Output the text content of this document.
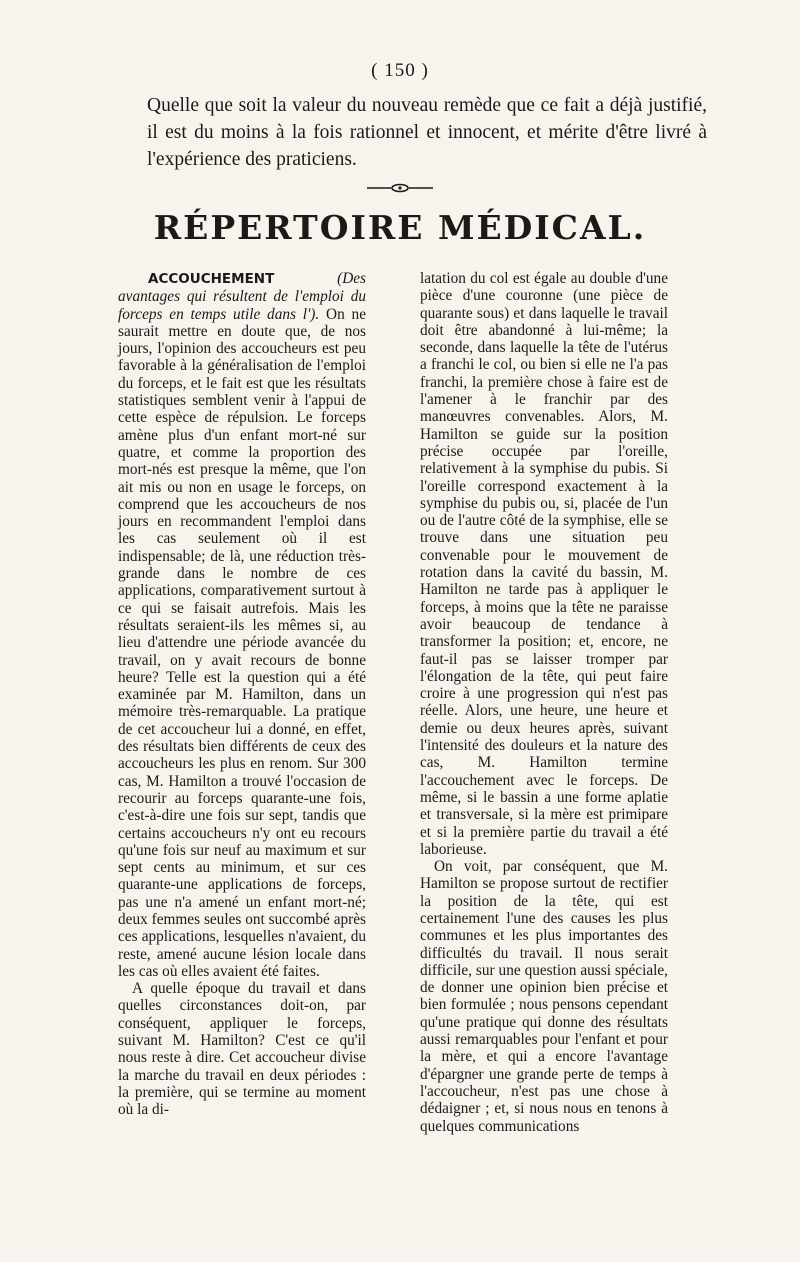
( 150 )

Quelle que soit la valeur du nouveau remède que ce fait a déjà justifié, il est du moins à la fois rationnel et innocent, et mérite d'être livré à l'expérience des praticiens.

RÉPERTOIRE MÉDICAL.

ACCOUCHEMENT	(Des avantages qui résultent de l'emploi du forceps en temps utile dans l'). On ne saurait mettre en doute que, de nos jours, l'opinion des accoucheurs est peu favorable à la généralisation de l'emploi du forceps, et le fait est que les résultats statistiques semblent venir à l'appui de cette espèce de répulsion. Le forceps amène plus d'un enfant mort-né sur quatre, et comme la proportion des mort-nés est presque la même, que l'on ait mis ou non en usage le forceps, on comprend que les accoucheurs de nos jours en recommandent l'emploi dans les cas seulement où il est indispensable; de là, une réduction très-grande dans le nombre de ces applications, comparativement surtout à ce qui se faisait autrefois. Mais les résultats seraient-ils les mêmes si, au lieu d'attendre une période avancée du travail, on y avait recours de bonne heure? Telle est la question qui a été examinée par M. Hamilton, dans un mémoire très-remarquable. La pratique de cet accoucheur lui a donné, en effet, des résultats bien différents de ceux des accoucheurs les plus en renom. Sur 300 cas, M. Hamilton a trouvé l'occasion de recourir au forceps quarante-une fois, c'est-à-dire une fois sur sept, tandis que certains accoucheurs n'y ont eu recours qu'une fois sur neuf au maximum et sur sept cents au minimum, et sur ces quarante-une applications de forceps, pas une n'a amené un enfant mort-né; deux femmes seules ont succombé après ces applications, lesquelles n'avaient, du reste, amené aucune lésion locale dans les cas où elles avaient été faites.

A quelle époque du travail et dans quelles circonstances doit-on, par conséquent, appliquer le forceps, suivant M. Hamilton? C'est ce qu'il nous reste à dire. Cet accoucheur divise la marche du travail en deux périodes : la première, qui se termine au moment où la di-

latation du col est égale au double d'une pièce d'une couronne (une pièce de quarante sous) et dans laquelle le travail doit être abandonné à lui-même; la seconde, dans laquelle la tête de l'utérus a franchi le col, ou bien si elle ne l'a pas franchi, la première chose à faire est de l'amener à le franchir par des manœuvres convenables. Alors, M. Hamilton se guide sur la position précise occupée par l'oreille, relativement à la symphise du pubis. Si l'oreille correspond exactement à la symphise du pubis ou, si, placée de l'un ou de l'autre côté de la symphise, elle se trouve dans une situation peu convenable pour le mouvement de rotation dans la cavité du bassin, M. Hamilton ne tarde pas à appliquer le forceps, à moins que la tête ne paraisse avoir beaucoup de tendance à transformer la position; et, encore, ne faut-il pas se laisser tromper par l'élongation de la tête, qui peut faire croire à une progression qui n'est pas réelle. Alors, une heure, une heure et demie ou deux heures après, suivant l'intensité des douleurs et la nature des cas, M. Hamilton termine l'accouchement avec le forceps. De même, si le bassin a une forme aplatie et transversale, si la mère est primipare et si la première partie du travail a été laborieuse.

On voit, par conséquent, que M. Hamilton se propose surtout de rectifier la position de la tête, qui est certainement l'une des causes les plus communes et les plus importantes des difficultés du travail. Il nous serait difficile, sur une question aussi spéciale, de donner une opinion bien précise et bien formulée ; nous pensons cependant qu'une pratique qui donne des résultats aussi remarquables pour l'enfant et pour la mère, et qui a encore l'avantage d'épargner une grande perte de temps à l'accoucheur, n'est pas une chose à dédaigner ; et, si nous nous en tenons à quelques communications
